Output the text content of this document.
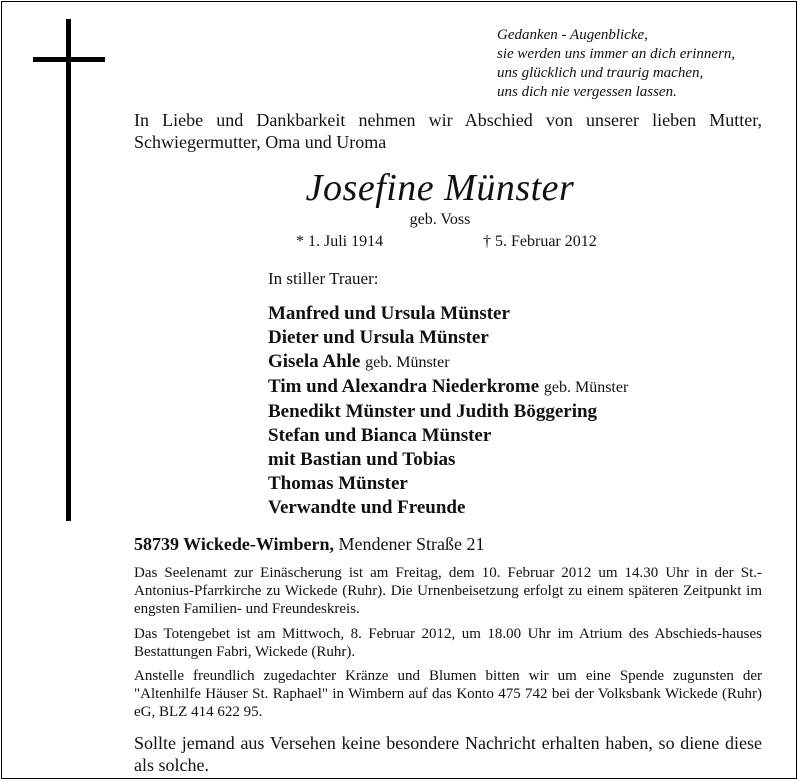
Gedanken - Augenblicke,
sie werden uns immer an dich erinnern,
uns glücklich und traurig machen,
uns dich nie vergessen lassen.
In Liebe und Dankbarkeit nehmen wir Abschied von unserer lieben Mutter, Schwiegermutter, Oma und Uroma
Josefine Münster
geb. Voss
* 1. Juli 1914	† 5. Februar 2012
In stiller Trauer:
Manfred und Ursula Münster
Dieter und Ursula Münster
Gisela Ahle geb. Münster
Tim und Alexandra Niederkrome geb. Münster
Benedikt Münster und Judith Böggering
Stefan und Bianca Münster
mit Bastian und Tobias
Thomas Münster
Verwandte und Freunde
58739 Wickede-Wimbern, Mendener Straße 21
Das Seelenamt zur Einäscherung ist am Freitag, dem 10. Februar 2012 um 14.30 Uhr in der St.-Antonius-Pfarrkirche zu Wickede (Ruhr). Die Urnenbeisetzung erfolgt zu einem späteren Zeitpunkt im engsten Familien- und Freundeskreis.
Das Totengebet ist am Mittwoch, 8. Februar 2012, um 18.00 Uhr im Atrium des Abschieds-hauses Bestattungen Fabri, Wickede (Ruhr).
Anstelle freundlich zugedachter Kränze und Blumen bitten wir um eine Spende zugunsten der "Altenhilfe Häuser St. Raphael" in Wimbern auf das Konto 475 742 bei der Volksbank Wickede (Ruhr) eG, BLZ 414 622 95.
Sollte jemand aus Versehen keine besondere Nachricht erhalten haben, so diene diese als solche.
